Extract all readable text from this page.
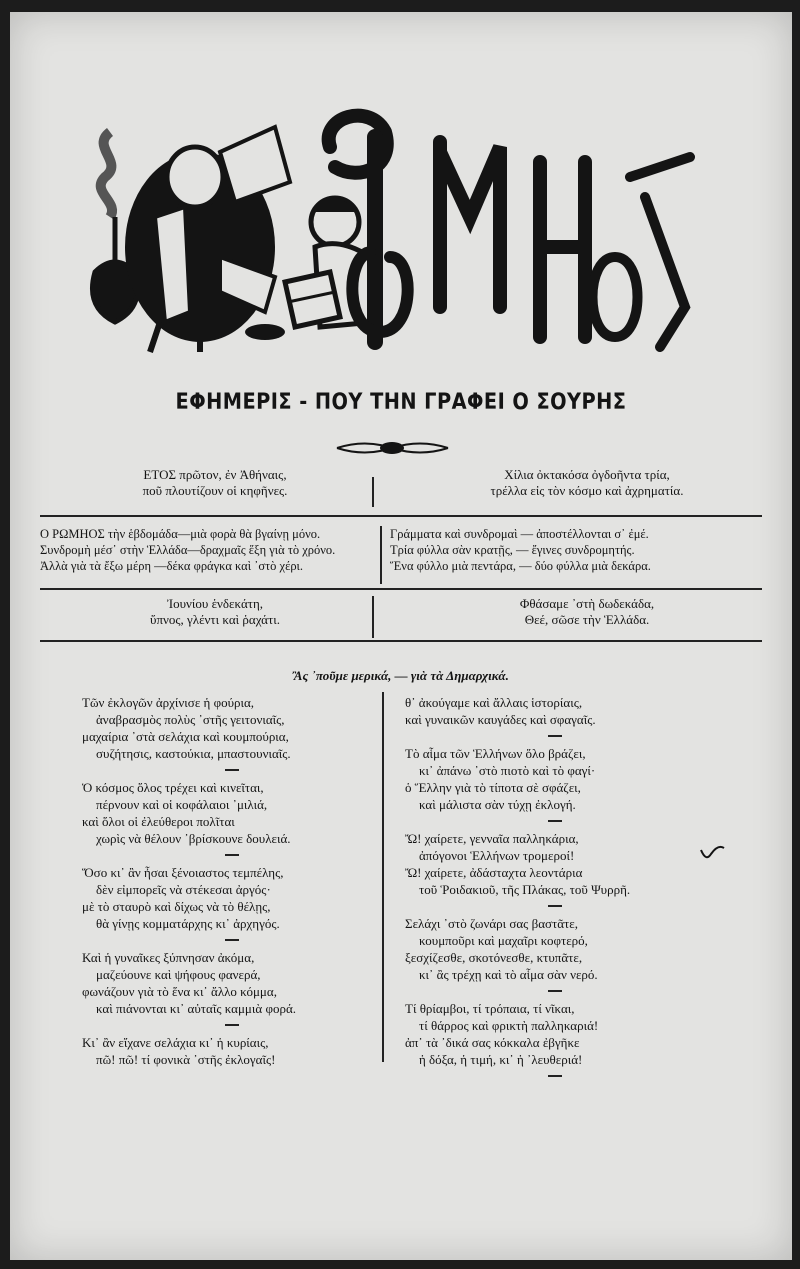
ΕΦΗΜΕΡΙΣ - ΠΟΥ ΤΗΝ ΓΡΑΦΕΙ Ο ΣΟΥΡΗΣ
ΕΤΟΣ πρῶτον, ἐν Ἀθήναις,
ποῦ πλουτίζουν οἱ κηφῆνες.
Χίλια ὀκτακόσα ὀγδοῆντα τρία,
τρέλλα εἰς τὸν κόσμο καὶ ἀχρηματία.
Ο ΡΩΜΗΟΣ τὴν ἑβδομάδα—μιὰ φορὰ θὰ βγαίνῃ μόνο.
Συνδρομὴ μέσ᾽ στὴν Ἑλλάδα—δραχμαῖς ἕξη γιὰ τὸ χρόνο.
Ἀλλὰ γιὰ τὰ ἔξω μέρη —δέκα φράγκα καὶ ᾽στὸ χέρι.
Γράμματα καὶ συνδρομαὶ — ἀποστέλλονται σ᾽ ἐμέ.
Τρία φύλλα σὰν κρατῇς, — ἔγινες συνδρομητής.
Ἕνα φύλλο μιὰ πεντάρα, — δύο φύλλα μιὰ δεκάρα.
Ἰουνίου ἑνδεκάτη,
ὕπνος, γλέντι καὶ ῥαχάτι.
Φθάσαμε ᾽στὴ δωδεκάδα,
Θεέ, σῶσε τὴν Ἑλλάδα.
Ἂς ᾽ποῦμε μερικά, — γιὰ τὰ Δημαρχικά.
Τῶν ἐκλογῶν ἀρχίνισε ἡ φούρια,
ἀναβρασμὸς πολὺς ᾽στῆς γειτονιαῖς,
μαχαίρια ᾽στὰ σελάχια καὶ κουμπούρια,
συζήτησις, καστούκια, μπαστουνιαῖς.
Ὁ κόσμος ὅλος τρέχει καὶ κινεῖται,
πέρνουν καὶ οἱ κοφάλαιοι ᾽μιλιά,
καὶ ὅλοι οἱ ἐλεύθεροι πολῖται
χωρὶς νὰ θέλουν ᾽βρίσκουνε δουλειά.
Ὅσο κι᾽ ἂν ἦσαι ξένοιαστος τεμπέλης,
δὲν εἰμπορεῖς νὰ στέκεσαι ἀργός·
μὲ τὸ σταυρὸ καὶ δίχως νὰ τὸ θέλῃς,
θὰ γίνῃς κομματάρχης κι᾽ ἀρχηγός.
Καὶ ἡ γυναῖκες ξύπνησαν ἀκόμα,
μαζεύουνε καὶ ψήφους φανερά,
φωνάζουν γιὰ τὸ ἕνα κι᾽ ἄλλο κόμμα,
καὶ πιάνονται κι᾽ αὐταῖς καμμιὰ φορά.
Κι᾽ ἂν εἴχανε σελάχια κι᾽ ἡ κυρίαις,
πῶ! πῶ! τί φονικὰ ᾽στῆς ἐκλογαῖς!
θ᾽ ἀκούγαμε καὶ ἄλλαις ἱστορίαις,
καὶ γυναικῶν καυγάδες καὶ σφαγαῖς.
Τὸ αἷμα τῶν Ἑλλήνων ὅλο βράζει,
κι᾽ ἀπάνω ᾽στὸ πιοτὸ καὶ τὸ φαγί·
ὁ Ἕλλην γιὰ τὸ τίποτα σὲ σφάζει,
καὶ μάλιστα σὰν τύχῃ ἐκλογή.
Ὤ! χαίρετε, γενναῖα παλληκάρια,
ἀπόγονοι Ἑλλήνων τρομεροί!
Ὤ! χαίρετε, ἀδάσταχτα λεοντάρια
τοῦ Ῥοιδακιοῦ, τῆς Πλάκας, τοῦ Ψυρρῆ.
Σελάχι ᾽στὸ ζωνάρι σας βαστᾶτε,
κουμποῦρι καὶ μαχαῖρι κοφτερό,
ξεσχίζεσθε, σκοτόνεσθε, κτυπᾶτε,
κι᾽ ἂς τρέχῃ καὶ τὸ αἷμα σὰν νερό.
Τί θρίαμβοι, τί τρόπαια, τί νῖκαι,
τί θάρρος καὶ φρικτὴ παλληκαριά!
ἀπ᾽ τὰ ᾽δικά σας κόκκαλα ἐβγῆκε
ἡ δόξα, ἡ τιμή, κι᾽ ἡ ᾽λευθεριά!
